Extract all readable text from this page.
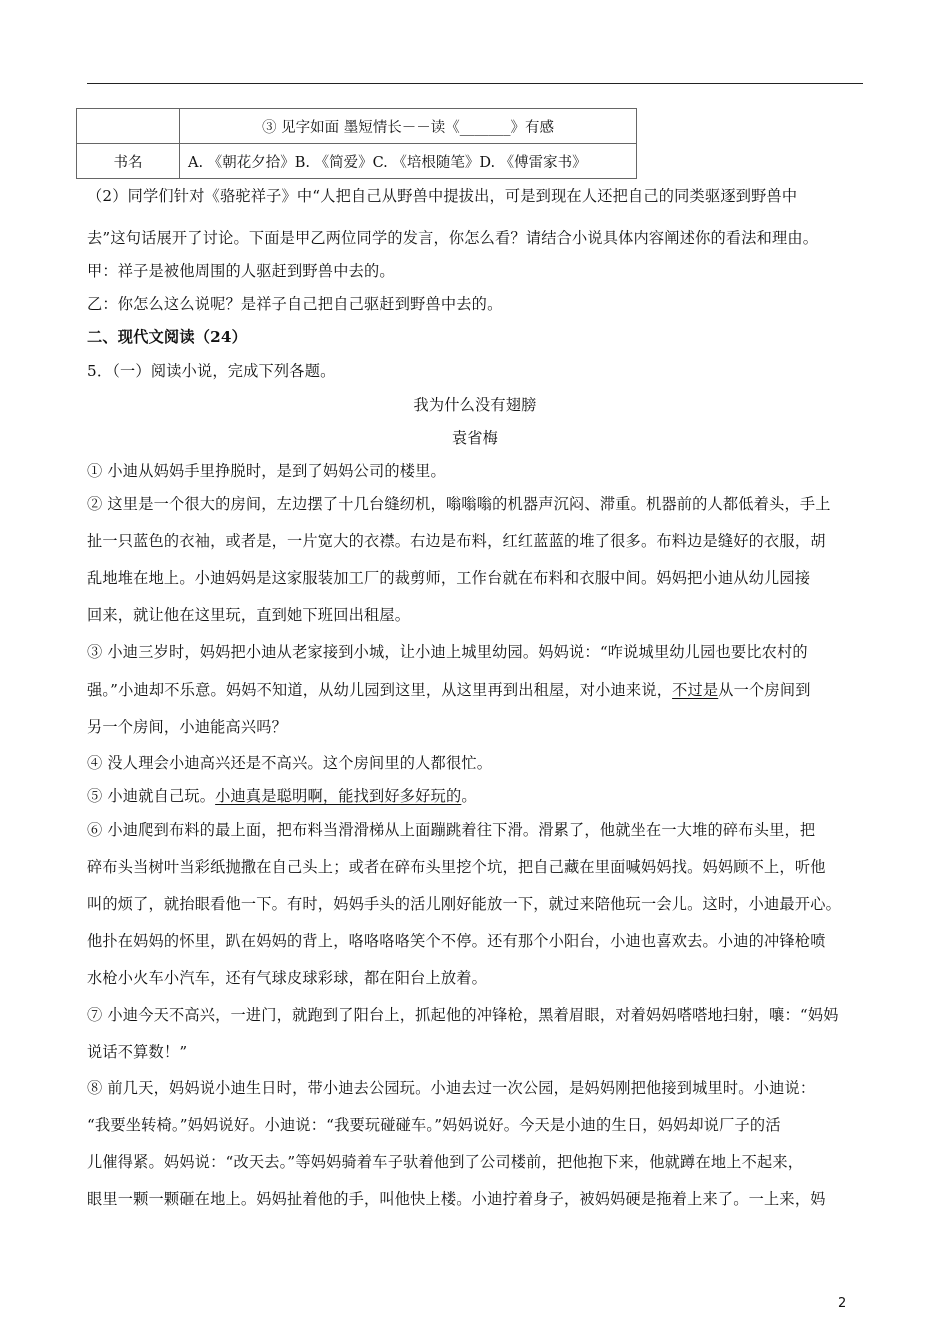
	③ 见字如面 墨短情长－－读《_______》有感
书名	A. 《朝花夕拾》B. 《简爱》C. 《培根随笔》D. 《傅雷家书》
（2）同学们针对《骆驼祥子》中“人把自己从野兽中提拔出，可是到现在人还把自己的同类驱逐到野兽中
去”这句话展开了讨论。下面是甲乙两位同学的发言，你怎么看？请结合小说具体内容阐述你的看法和理由。
甲：祥子是被他周围的人驱赶到野兽中去的。
乙：你怎么这么说呢？是祥子自己把自己驱赶到野兽中去的。
二、现代文阅读（24）
5．（一）阅读小说，完成下列各题。
我为什么没有翅膀
袁省梅
① 小迪从妈妈手里挣脱时，是到了妈妈公司的楼里。
② 这里是一个很大的房间，左边摆了十几台缝纫机，嗡嗡嗡的机器声沉闷、滞重。机器前的人都低着头，手上
扯一只蓝色的衣袖，或者是，一片宽大的衣襟。右边是布料，红红蓝蓝的堆了很多。布料边是缝好的衣服，胡
乱地堆在地上。小迪妈妈是这家服装加工厂的裁剪师，工作台就在布料和衣服中间。妈妈把小迪从幼儿园接
回来，就让他在这里玩，直到她下班回出租屋。
③ 小迪三岁时，妈妈把小迪从老家接到小城，让小迪上城里幼园。妈妈说：“咋说城里幼儿园也要比农村的
强。”小迪却不乐意。妈妈不知道，从幼儿园到这里，从这里再到出租屋，对小迪来说，不过是从一个房间到
另一个房间，小迪能高兴吗？
④ 没人理会小迪高兴还是不高兴。这个房间里的人都很忙。
⑤ 小迪就自己玩。小迪真是聪明啊，能找到好多好玩的。
⑥ 小迪爬到布料的最上面，把布料当滑滑梯从上面蹦跳着往下滑。滑累了，他就坐在一大堆的碎布头里，把
碎布头当树叶当彩纸抛撒在自己头上；或者在碎布头里挖个坑，把自己藏在里面喊妈妈找。妈妈顾不上，听他
叫的烦了，就抬眼看他一下。有时，妈妈手头的活儿刚好能放一下，就过来陪他玩一会儿。这时，小迪最开心。
他扑在妈妈的怀里，趴在妈妈的背上，咯咯咯咯笑个不停。还有那个小阳台，小迪也喜欢去。小迪的冲锋枪喷
水枪小火车小汽车，还有气球皮球彩球，都在阳台上放着。
⑦ 小迪今天不高兴，一进门，就跑到了阳台上，抓起他的冲锋枪，黑着眉眼，对着妈妈嗒嗒地扫射，嚷：“妈妈
说话不算数！”
⑧ 前几天，妈妈说小迪生日时，带小迪去公园玩。小迪去过一次公园，是妈妈刚把他接到城里时。小迪说：
“我要坐转椅。”妈妈说好。小迪说：“我要玩碰碰车。”妈妈说好。今天是小迪的生日，妈妈却说厂子的活
儿催得紧。妈妈说：“改天去。”等妈妈骑着车子驮着他到了公司楼前，把他抱下来，他就蹲在地上不起来，
眼里一颗一颗砸在地上。妈妈扯着他的手，叫他快上楼。小迪拧着身子，被妈妈硬是拖着上来了。一上来，妈
2
